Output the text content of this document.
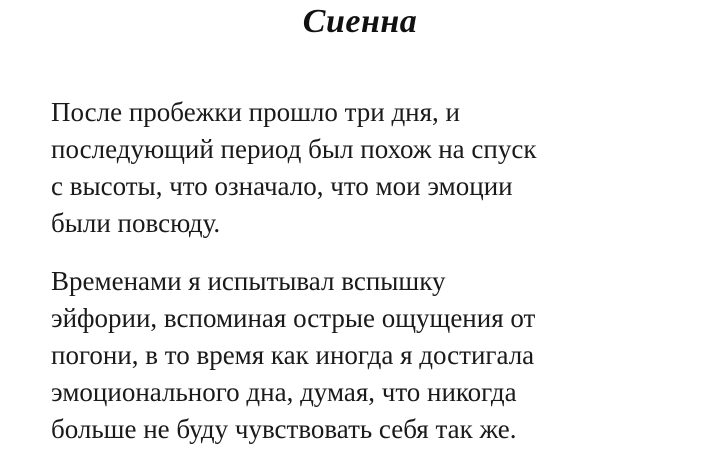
Сиенна

После пробежки прошло три дня, и
последующий период был похож на спуск
с высоты, что означало, что мои эмоции
были повсюду.

Временами я испытывал вспышку
эйфории, вспоминая острые ощущения от
погони, в то время как иногда я достигала
эмоционального дна, думая, что никогда
больше не буду чувствовать себя так же.
